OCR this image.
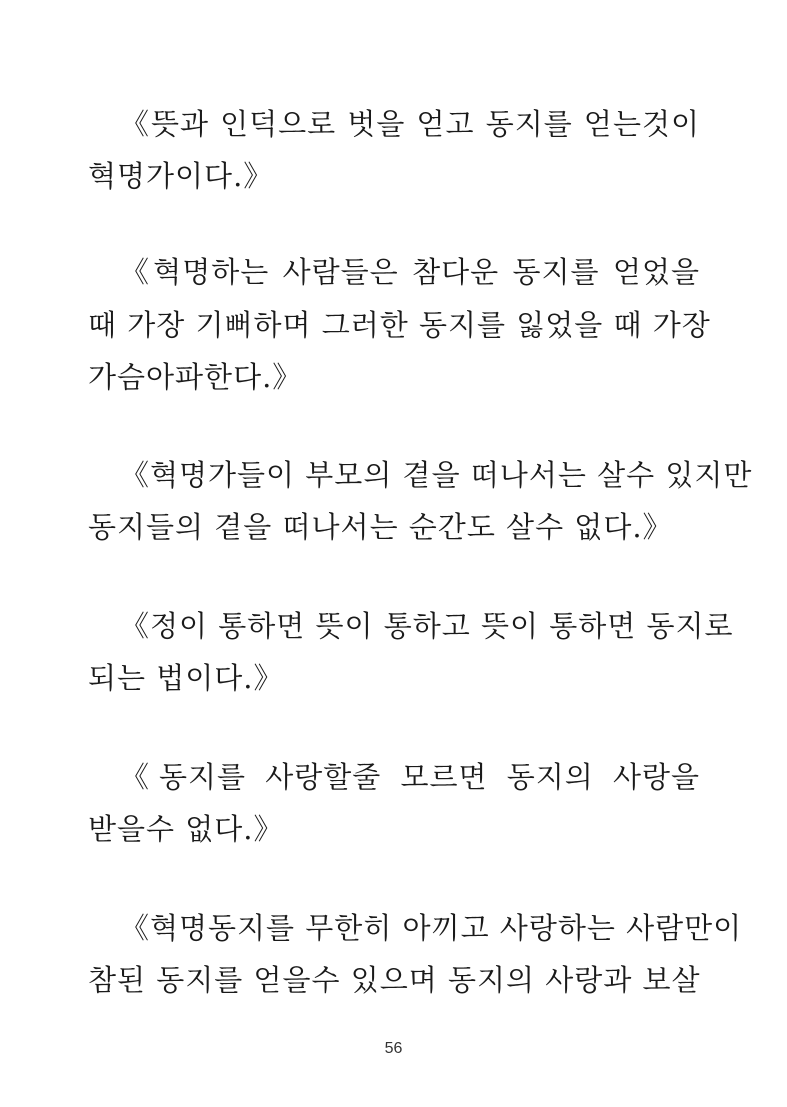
《뜻과 인덕으로 벗을 얻고 동지를 얻는것이
혁명가이다.》
《혁명하는 사람들은 참다운 동지를 얻었을
때 가장 기뻐하며 그러한 동지를 잃었을 때 가장
가슴아파한다.》
《혁명가들이 부모의 곁을 떠나서는 살수 있지만
동지들의 곁을 떠나서는 순간도 살수 없다.》
《정이 통하면 뜻이 통하고 뜻이 통하면 동지로
되는 법이다.》
《동지를 사랑할줄 모르면 동지의 사랑을
받을수 없다.》
《혁명동지를 무한히 아끼고 사랑하는 사람만이
참된 동지를 얻을수 있으며 동지의 사랑과 보살
56
